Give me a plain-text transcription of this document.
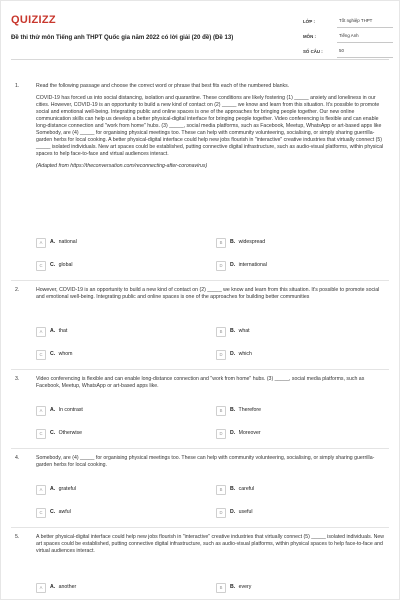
QUIZIZZ
Đề thi thử môn Tiếng anh THPT Quốc gia năm 2022 có lời giải (20 đề) (Đề 13)
LỚP :	Tốt nghiệp THPT
MÔN :	Tiếng Anh
SỐ CÂU :	50
1.	Read the following passage and choose the correct word or phrase that best fits each of the numbered blanks.

COVID-19 has forced us into social distancing, isolation and quarantine. These conditions are likely fostering (1) _____ anxiety and loneliness in our cities. However, COVID-19 is an opportunity to build a new kind of contact on (2) _____ we know and learn from this situation. It's possible to promote social and emotional well-being. Integrating public and online spaces is one of the approaches for bringing people together. Our new online communication skills can help us develop a better physical-digital interface for bringing people together. Video conferencing is flexible and can enable long-distance connection and "work from home" hubs. (3) _____, social media platforms, such as Facebook, Meetup, WhatsApp or art-based apps like Somebody, are (4) _____ for organising physical meetings too. These can help with community volunteering, socialising, or simply sharing guerrilla-garden herbs for local cooking. A better physical-digital interface could help new jobs flourish in "interactive" creative industries that virtually connect (5) _____ isolated individuals. New art spaces could be established, putting connective digital infrastructure, such as audio-visual platforms, within physical spaces to help face-to-face and virtual audiences interact.

(Adapted from https://theconversation.com/reconnecting-after-coronavirus)

A	A. national	B	B. widespread
C	C. global	D	D. international
2.	However, COVID-19 is an opportunity to build a new kind of contact on (2) _____ we know and learn from this situation. It's possible to promote social and emotional well-being. Integrating public and online spaces is one of the approaches for building better communities

A	A. that	B	B. what
C	C. whom	D	D. which
3.	Video conferencing is flexible and can enable long-distance connection and "work from home" hubs. (3) _____, social media platforms, such as Facebook, Meetup, WhatsApp or art-based apps like.

A	A. In contrast	B	B. Therefore
C	C. Otherwise	D	D. Moreover
4.	Somebody, are (4) _____ for organising physical meetings too. These can help with community volunteering, socialising, or simply sharing guerrilla-garden herbs for local cooking.

A	A. grateful	B	B. careful
C	C. awful	D	D. useful
5.	A better physical-digital interface could help new jobs flourish in "interactive" creative industries that virtually connect (5) _____ isolated individuals. New art spaces could be established, putting connective digital infrastructure, such as audio-visual platforms, within physical spaces to help face-to-face and virtual audiences interact.

A	A. another	B	B. every
